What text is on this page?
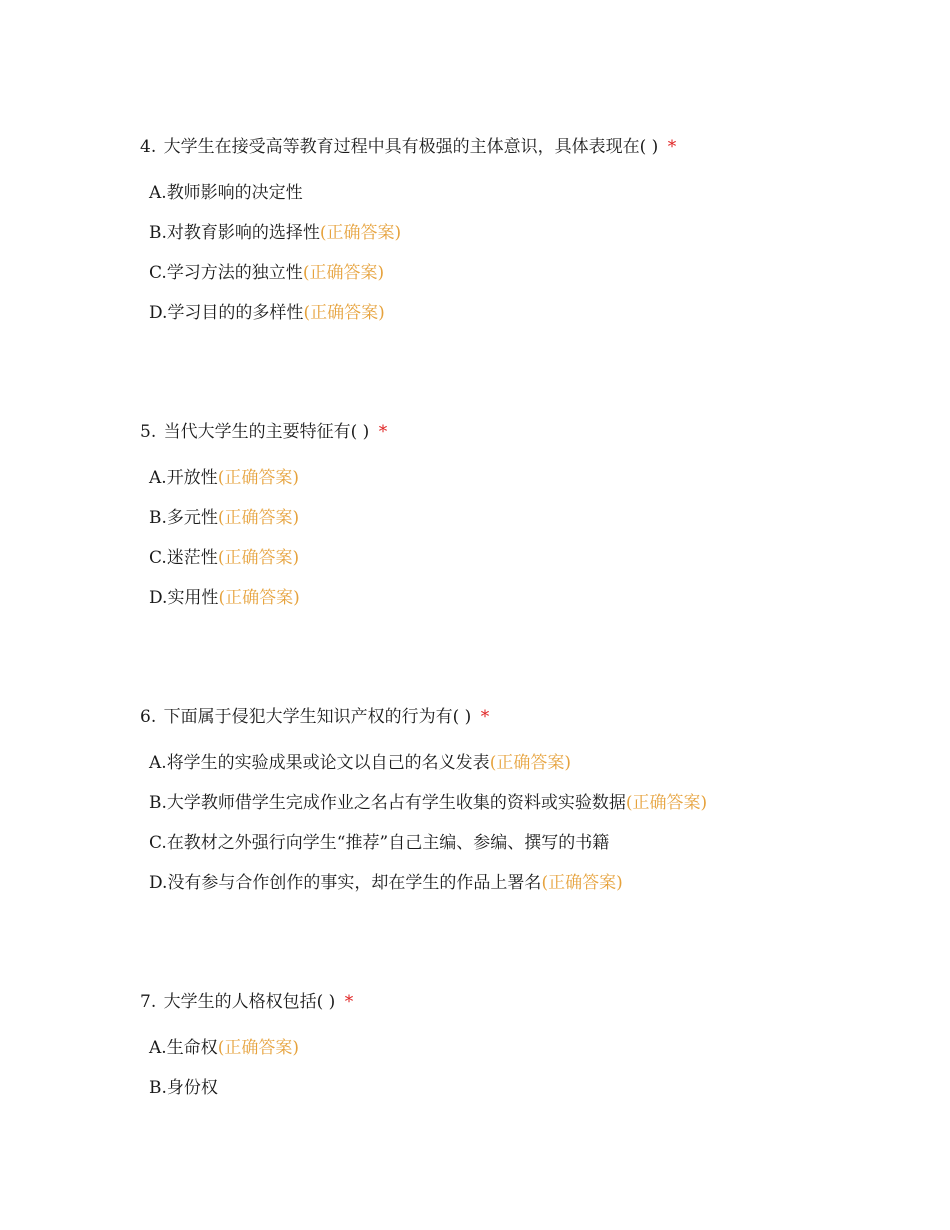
4. 大学生在接受高等教育过程中具有极强的主体意识，具体表现在( ) *
A.教师影响的决定性
B.对教育影响的选择性(正确答案)
C.学习方法的独立性(正确答案)
D.学习目的的多样性(正确答案)
5. 当代大学生的主要特征有( ) *
A.开放性(正确答案)
B.多元性(正确答案)
C.迷茫性(正确答案)
D.实用性(正确答案)
6. 下面属于侵犯大学生知识产权的行为有( ) *
A.将学生的实验成果或论文以自己的名义发表(正确答案)
B.大学教师借学生完成作业之名占有学生收集的资料或实验数据(正确答案)
C.在教材之外强行向学生“推荐”自己主编、参编、撰写的书籍
D.没有参与合作创作的事实，却在学生的作品上署名(正确答案)
7. 大学生的人格权包括( ) *
A.生命权(正确答案)
B.身份权
